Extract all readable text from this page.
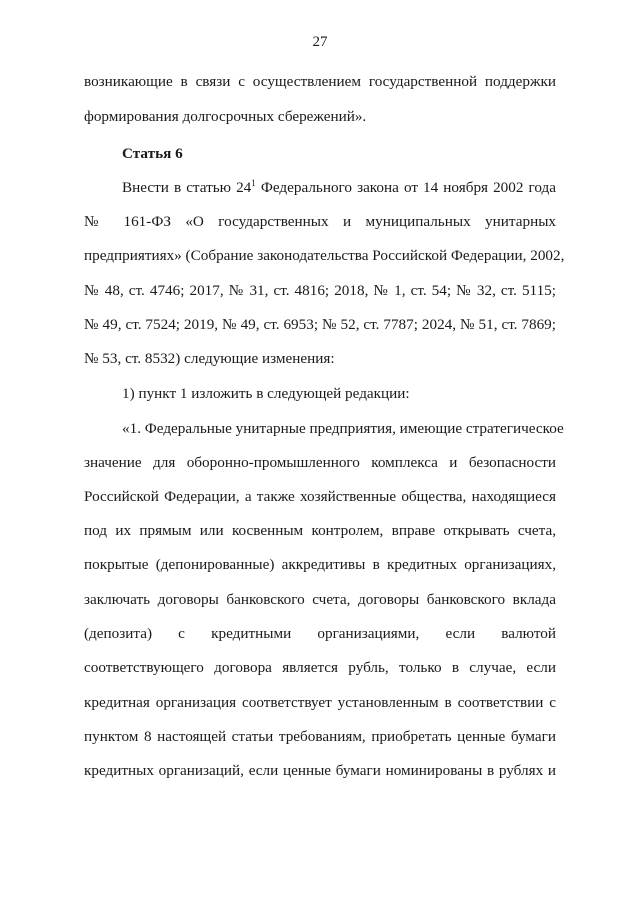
27
возникающие в связи с осуществлением государственной поддержки
формирования долгосрочных сбережений».
Статья 6
Внести в статью $24^1$ Федерального закона от 14 ноября 2002 года
№ 161-ФЗ «О государственных и муниципальных унитарных
предприятиях» (Собрание законодательства Российской Федерации, 2002,
№ 48, ст. 4746; 2017, № 31, ст. 4816; 2018, № 1, ст. 54; № 32, ст. 5115;
№ 49, ст. 7524; 2019, № 49, ст. 6953; № 52, ст. 7787; 2024, № 51, ст. 7869;
№ 53, ст. 8532) следующие изменения:
1) пункт 1 изложить в следующей редакции:
«1. Федеральные унитарные предприятия, имеющие стратегическое
значение для оборонно-промышленного комплекса и безопасности
Российской Федерации, а также хозяйственные общества, находящиеся
под их прямым или косвенным контролем, вправе открывать счета,
покрытые (депонированные) аккредитивы в кредитных организациях,
заключать договоры банковского счета, договоры банковского вклада
(депозита) с кредитными организациями, если валютой
соответствующего договора является рубль, только в случае, если
кредитная организация соответствует установленным в соответствии с
пунктом 8 настоящей статьи требованиям, приобретать ценные бумаги
кредитных организаций, если ценные бумаги номинированы в рублях и
